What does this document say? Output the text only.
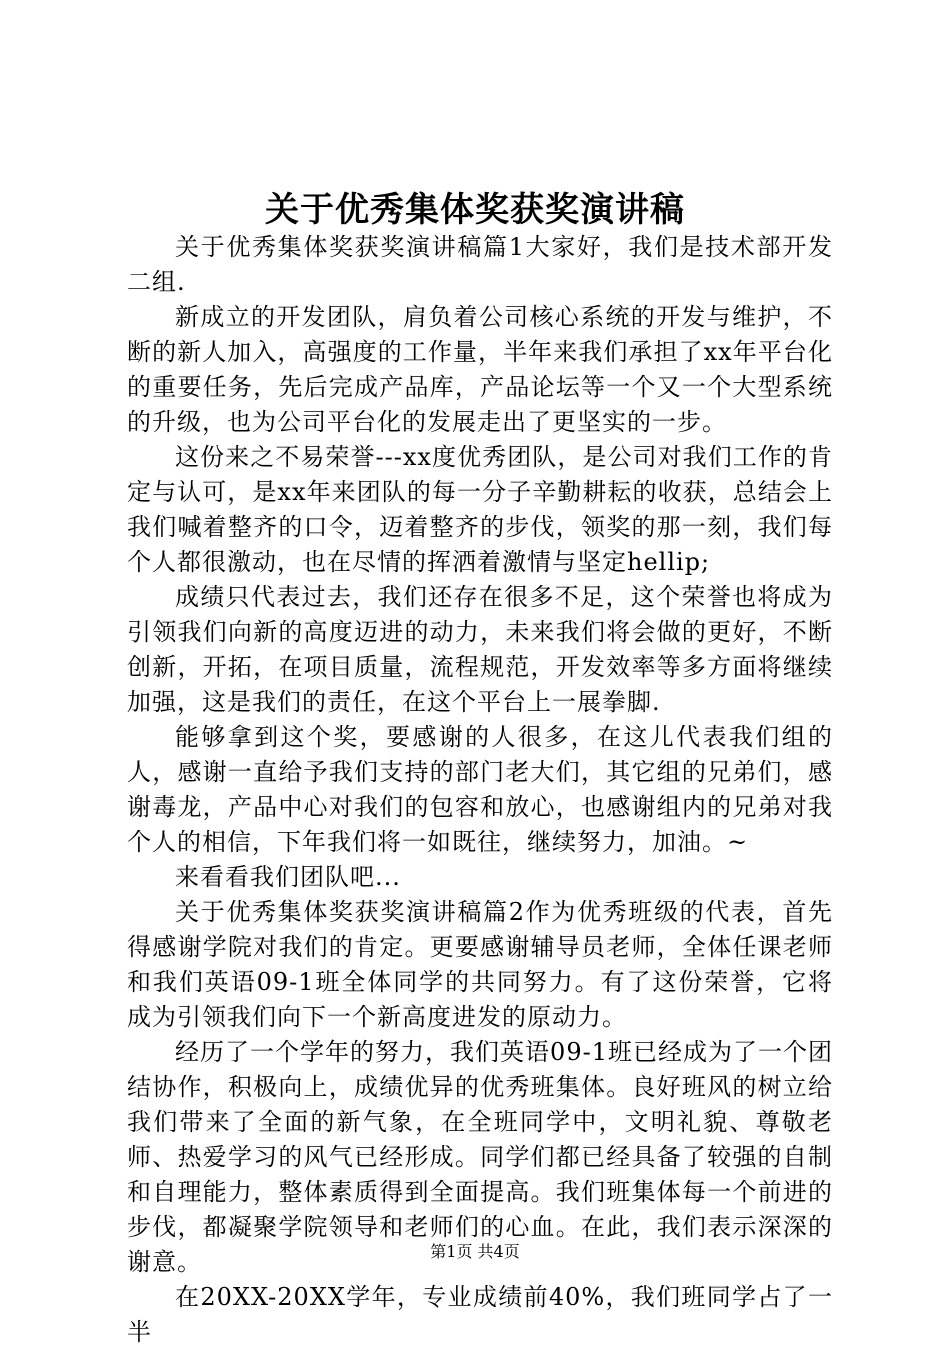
关于优秀集体奖获奖演讲稿

关于优秀集体奖获奖演讲稿篇1大家好，我们是技术部开发二组.

新成立的开发团队，肩负着公司核心系统的开发与维护，不断的新人加入，高强度的工作量，半年来我们承担了xx年平台化的重要任务，先后完成产品库，产品论坛等一个又一个大型系统的升级，也为公司平台化的发展走出了更坚实的一步。

这份来之不易荣誉---xx度优秀团队，是公司对我们工作的肯定与认可，是xx年来团队的每一分子辛勤耕耘的收获，总结会上我们喊着整齐的口令，迈着整齐的步伐，领奖的那一刻，我们每个人都很激动，也在尽情的挥洒着激情与坚定hellip;

成绩只代表过去，我们还存在很多不足，这个荣誉也将成为引领我们向新的高度迈进的动力，未来我们将会做的更好，不断创新，开拓，在项目质量，流程规范，开发效率等多方面将继续加强，这是我们的责任，在这个平台上一展拳脚.

能够拿到这个奖，要感谢的人很多，在这儿代表我们组的人，感谢一直给予我们支持的部门老大们，其它组的兄弟们，感谢毒龙，产品中心对我们的包容和放心，也感谢组内的兄弟对我个人的相信，下年我们将一如既往，继续努力，加油。~

来看看我们团队吧...

关于优秀集体奖获奖演讲稿篇2作为优秀班级的代表，首先得感谢学院对我们的肯定。更要感谢辅导员老师，全体任课老师和我们英语09-1班全体同学的共同努力。有了这份荣誉，它将成为引领我们向下一个新高度进发的原动力。

经历了一个学年的努力，我们英语09-1班已经成为了一个团结协作，积极向上，成绩优异的优秀班集体。良好班风的树立给我们带来了全面的新气象，在全班同学中，文明礼貌、尊敬老师、热爱学习的风气已经形成。同学们都已经具备了较强的自制和自理能力，整体素质得到全面提高。我们班集体每一个前进的步伐，都凝聚学院领导和老师们的心血。在此，我们表示深深的谢意。

在20XX-20XX学年，专业成绩前40%，我们班同学占了一半

第1页 共4页
